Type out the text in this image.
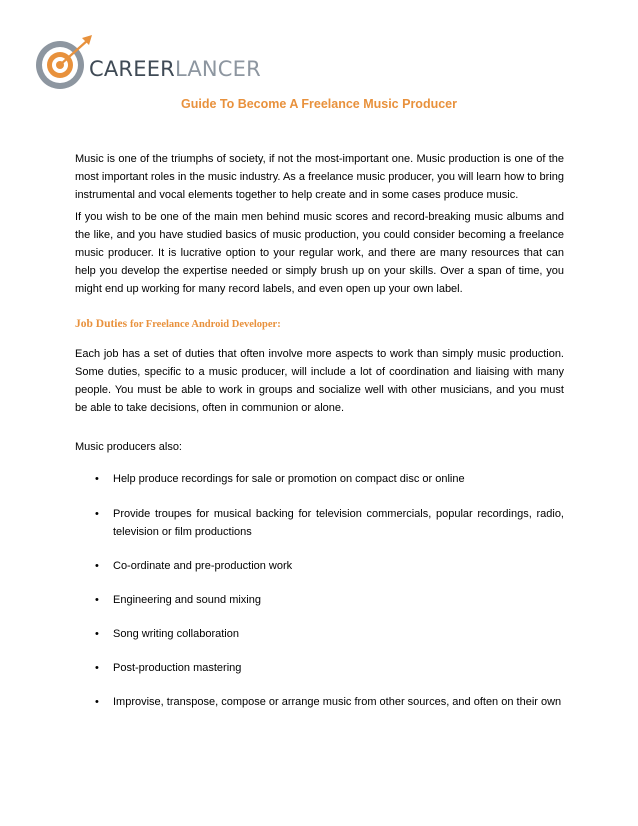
CAREERLANCER
Guide To Become A Freelance Music Producer

Music is one of the triumphs of society, if not the most-important one. Music production is one of the most important roles in the music industry. As a freelance music producer, you will learn how to bring instrumental and vocal elements together to help create and in some cases produce music.

If you wish to be one of the main men behind music scores and record-breaking music albums and the like, and you have studied basics of music production, you could consider becoming a freelance music producer. It is lucrative option to your regular work, and there are many resources that can help you develop the expertise needed or simply brush up on your skills. Over a span of time, you might end up working for many record labels, and even open up your own label.

Job Duties for Freelance Android Developer:

Each job has a set of duties that often involve more aspects to work than simply music production. Some duties, specific to a music producer, will include a lot of coordination and liaising with many people. You must be able to work in groups and socialize well with other musicians, and you must be able to take decisions, often in communion or alone.

Music producers also:

• Help produce recordings for sale or promotion on compact disc or online
• Provide troupes for musical backing for television commercials, popular recordings, radio, television or film productions
• Co-ordinate and pre-production work
• Engineering and sound mixing
• Song writing collaboration
• Post-production mastering
• Improvise, transpose, compose or arrange music from other sources, and often on their own
